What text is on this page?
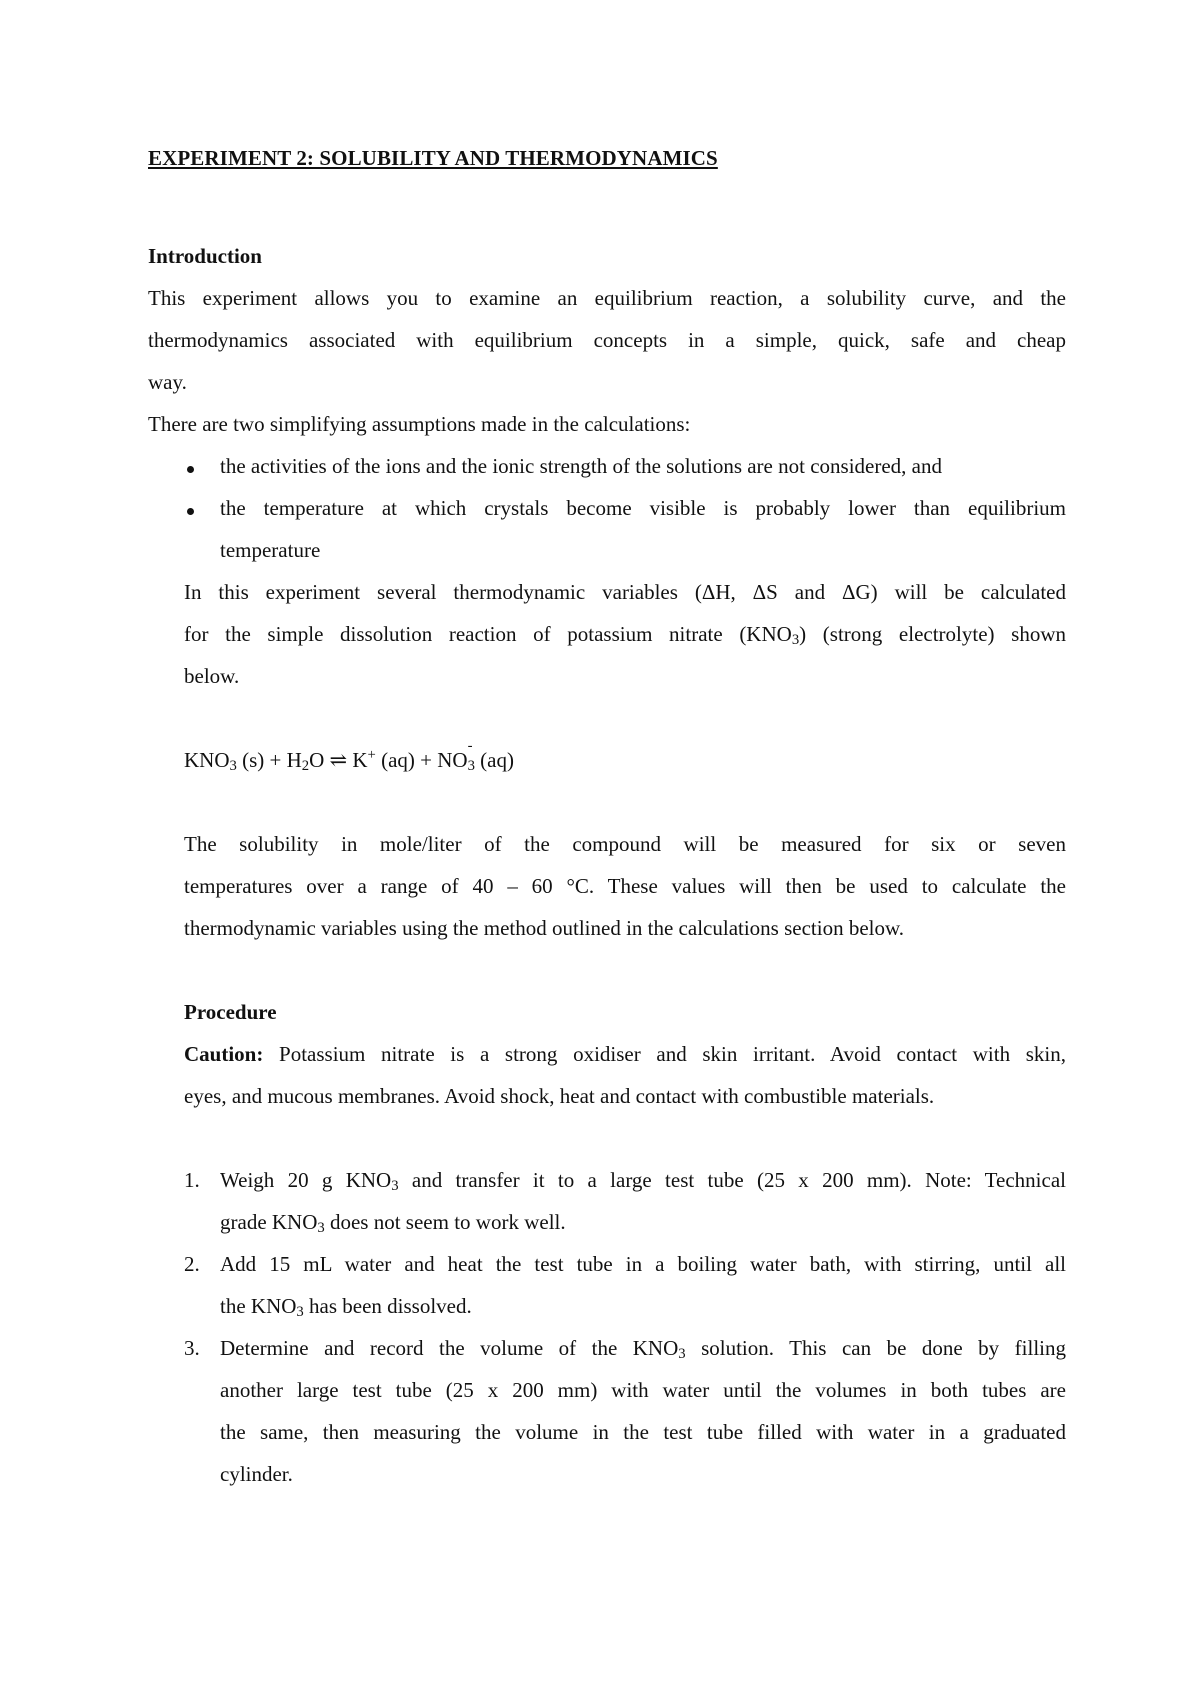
EXPERIMENT 2: SOLUBILITY AND THERMODYNAMICS
Introduction
This experiment allows you to examine an equilibrium reaction, a solubility curve, and the
thermodynamics associated with equilibrium concepts in a simple, quick, safe and cheap
way.
There are two simplifying assumptions made in the calculations:
the activities of the ions and the ionic strength of the solutions are not considered, and
the temperature at which crystals become visible is probably lower than equilibrium
temperature
In this experiment several thermodynamic variables (ΔH, ΔS and ΔG) will be calculated
for the simple dissolution reaction of potassium nitrate $(KNO_3)$ (strong electrolyte) shown
below.
$KNO_3$ $(s) + H_2O$ ⇌ K+ (aq) + NO
-
$_3$ (aq)
The solubility in mole/liter of the compound will be measured for six or seven
temperatures over a range of 40 – 60 °C. These values will then be used to calculate the
thermodynamic variables using the method outlined in the calculations section below.
Procedure
Caution: Potassium nitrate is a strong oxidiser and skin irritant. Avoid contact with skin,
eyes, and mucous membranes. Avoid shock, heat and contact with combustible materials.
1. Weigh 20 g $KNO_3$ and transfer it to a large test tube (25 x 200 mm). Note: Technical
grade $KNO_3$ does not seem to work well.
2. Add 15 mL water and heat the test tube in a boiling water bath, with stirring, until all
the $KNO_3$ has been dissolved.
3. Determine and record the volume of the $KNO_3$ solution. This can be done by filling
another large test tube (25 x 200 mm) with water until the volumes in both tubes are
the same, then measuring the volume in the test tube filled with water in a graduated
cylinder.
